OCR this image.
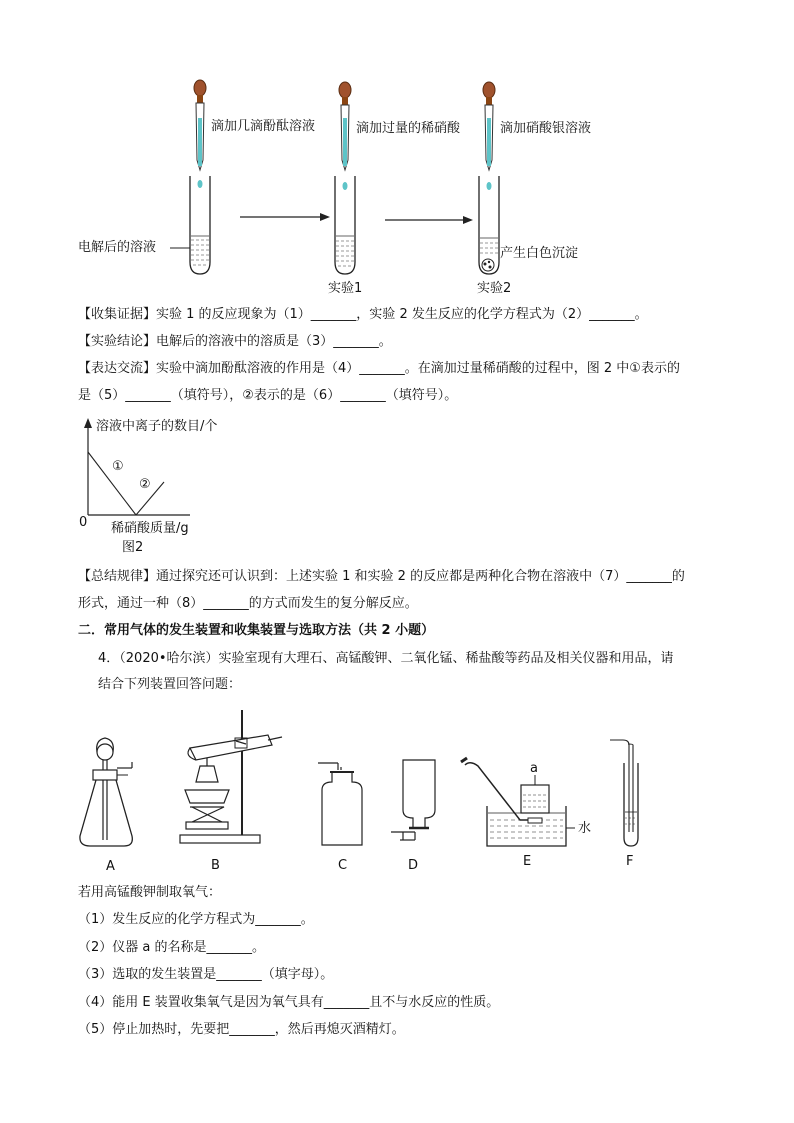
滴加几滴酚酞溶液	滴加过量的稀硝酸	滴加硝酸银溶液
电解后的溶液
实验1	实验2
产生白色沉淀
【收集证据】实验 1 的反应现象为（1）_______，实验 2 发生反应的化学方程式为（2）_______。
【实验结论】电解后的溶液中的溶质是（3）_______。
【表达交流】实验中滴加酚酞溶液的作用是（4）_______。在滴加过量稀硝酸的过程中，图 2 中①表示的
是（5）_______（填符号），②表示的是（6）_______（填符号）。
溶液中离子的数目/个
①
②
0 稀硝酸质量/g
图2
【总结规律】通过探究还可认识到：上述实验 1 和实验 2 的反应都是两种化合物在溶液中（7）_______的
形式，通过一种（8）_______的方式而发生的复分解反应。
二．常用气体的发生装置和收集装置与选取方法（共 2 小题）
4．（2020•哈尔滨）实验室现有大理石、高锰酸钾、二氧化锰、稀盐酸等药品及相关仪器和用品，请
结合下列装置回答问题：
A	B	C	D	E	F
a
水
若用高锰酸钾制取氧气：
（1）发生反应的化学方程式为_______。
（2）仪器 a 的名称是_______。
（3）选取的发生装置是_______（填字母）。
（4）能用 E 装置收集氧气是因为氧气具有_______且不与水反应的性质。
（5）停止加热时，先要把_______，然后再熄灭酒精灯。
